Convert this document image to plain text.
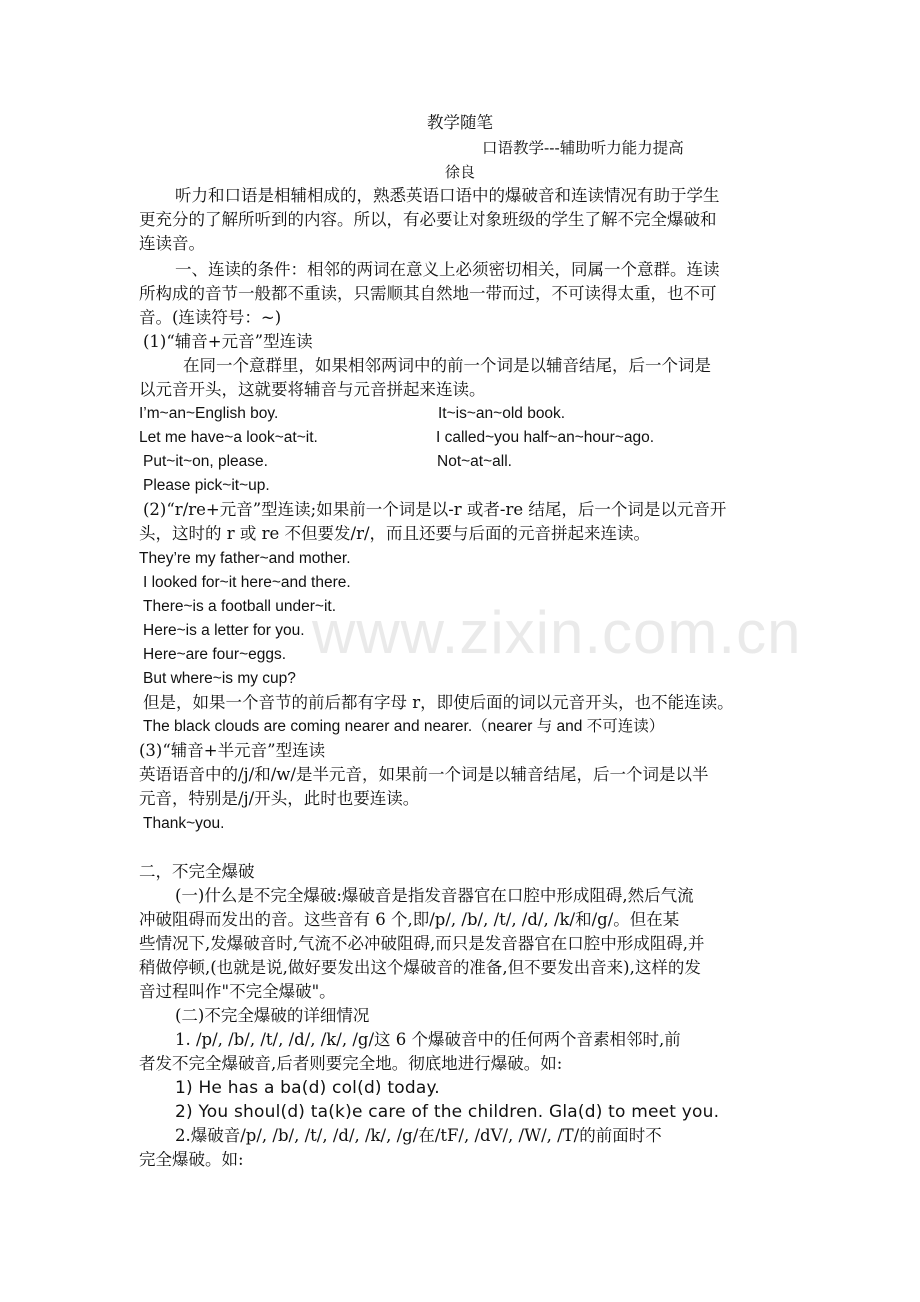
教学随笔
口语教学---辅助听力能力提高
徐良
听力和口语是相辅相成的，熟悉英语口语中的爆破音和连读情况有助于学生
更充分的了解所听到的内容。所以，有必要让对象班级的学生了解不完全爆破和
连读音。
一、连读的条件：相邻的两词在意义上必须密切相关，同属一个意群。连读
所构成的音节一般都不重读，只需顺其自然地一带而过，不可读得太重，也不可
音。(连读符号：~)
(1)“辅音+元音”型连读
在同一个意群里，如果相邻两词中的前一个词是以辅音结尾，后一个词是
以元音开头，这就要将辅音与元音拼起来连读。
I’m~an~English boy.	It~is~an~old book.
Let me have~a look~at~it.	I called~you half~an~hour~ago.
Put~it~on, please.	Not~at~all.
Please pick~it~up.
(2)“r/re+元音”型连读;如果前一个词是以-r 或者-re 结尾，后一个词是以元音开
头，这时的 r 或 re 不但要发/r/，而且还要与后面的元音拼起来连读。
They’re my father~and mother.
I looked for~it here~and there.
There~is a football under~it.
Here~is a letter for you.
Here~are four~eggs.
But where~is my cup?
但是，如果一个音节的前后都有字母 r，即使后面的词以元音开头，也不能连读。
The black clouds are coming nearer and nearer.（nearer 与 and 不可连读）
(3)“辅音+半元音”型连读
英语语音中的/j/和/w/是半元音，如果前一个词是以辅音结尾，后一个词是以半
元音，特别是/j/开头，此时也要连读。
Thank~you.
二，不完全爆破
(一)什么是不完全爆破:爆破音是指发音器官在口腔中形成阻碍,然后气流
冲破阻碍而发出的音。这些音有 6 个,即/p/, /b/, /t/, /d/, /k/和/g/。但在某
些情况下,发爆破音时,气流不必冲破阻碍,而只是发音器官在口腔中形成阻碍,并
稍做停顿,(也就是说,做好要发出这个爆破音的准备,但不要发出音来),这样的发
音过程叫作"不完全爆破"。
(二)不完全爆破的详细情况
1. /p/, /b/, /t/, /d/, /k/, /g/这 6 个爆破音中的任何两个音素相邻时,前
者发不完全爆破音,后者则要完全地。彻底地进行爆破。如:
1) He has a ba(d) col(d) today.
2) You shoul(d) ta(k)e care of the children. Gla(d) to meet you.
2.爆破音/p/, /b/, /t/, /d/, /k/, /g/在/tF/, /dV/, /W/, /T/的前面时不
完全爆破。如:
www.zixin.com.cn
